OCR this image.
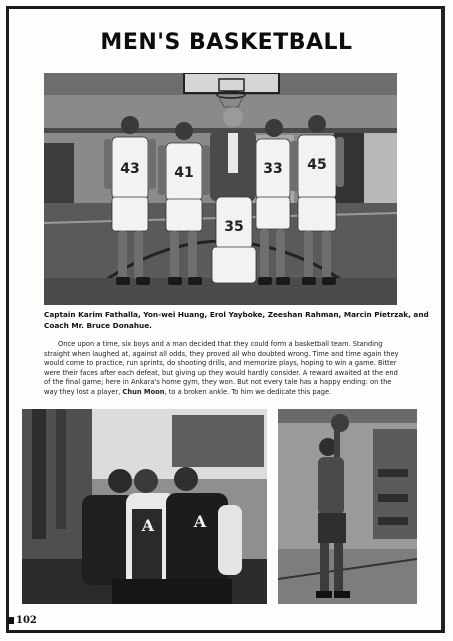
MEN'S BASKETBALL
43 41	33 45
35
Captain Karim Fathalla, Yon-wei Huang, Erol Yayboke, Zeeshan Rahman, Marcin Pietrzak, and
Coach Mr. Bruce Donahue.
Once upon a time, six boys and a man decided that they could form a basketball team. Standing
straight when laughed at, against all odds, they proved all who doubted wrong. Time and time again they
would come to practice, run sprints, do shooting drills, and memorize plays, hoping to win a game. Bitter
were their faces after each defeat, but giving up they would hardly consider. A reward awaited at the end
of the final game; here in Ankara's home gym, they won. But not every tale has a happy ending: on the
way they lost a player, Chun Moon, to a broken ankle. To him we dedicate this page.
A A
102
